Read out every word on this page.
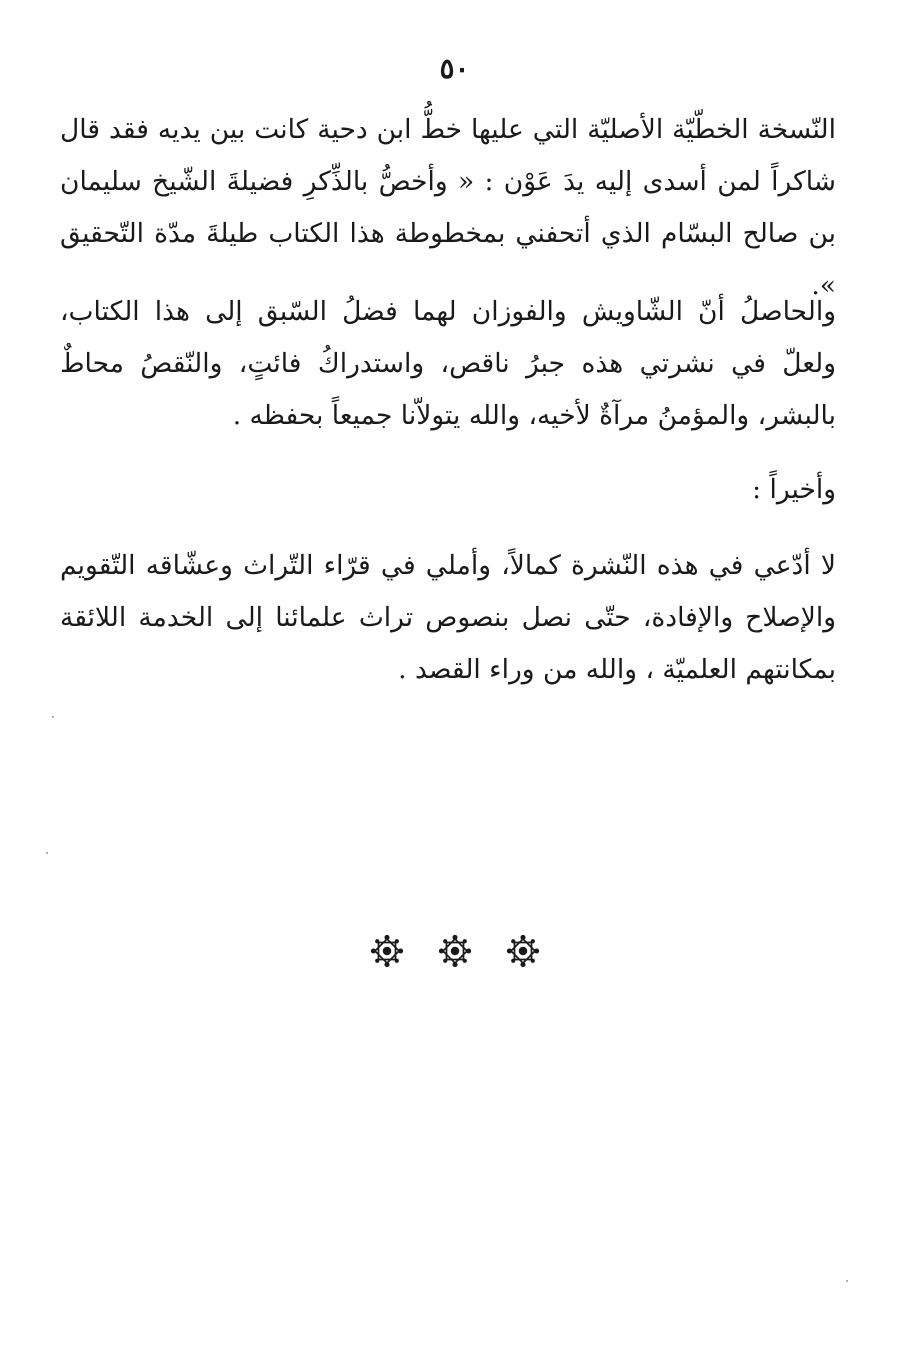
٥٠

النّسخة الخطّيّة الأصليّة التي عليها خطُّ ابن دحية كانت بين يديه فقد قال شاكراً لمن أسدى إليه يدَ عَوْن : « وأخصُّ بالذِّكرِ فضيلةَ الشّيخ سليمان بن صالح البسّام الذي أتحفني بمخطوطة هذا الكتاب طيلةَ مدّة التّحقيق ».

والحاصلُ أنّ الشّاويش والفوزان لهما فضلُ السّبق إلى هذا الكتاب، ولعلّ في نشرتي هذه جبرُ ناقص، واستدراكُ فائتٍ، والنّقصُ محاطٌ بالبشر، والمؤمنُ مرآةٌ لأخيه، والله يتولاّنا جميعاً بحفظه .

وأخيراً :

لا أدّعي في هذه النّشرة كمالاً، وأملي في قرّاء التّراث وعشّاقه التّقويم والإصلاح والإفادة، حتّى نصل بنصوص تراث علمائنا إلى الخدمة اللائقة بمكانتهم العلميّة ، والله من وراء القصد .
